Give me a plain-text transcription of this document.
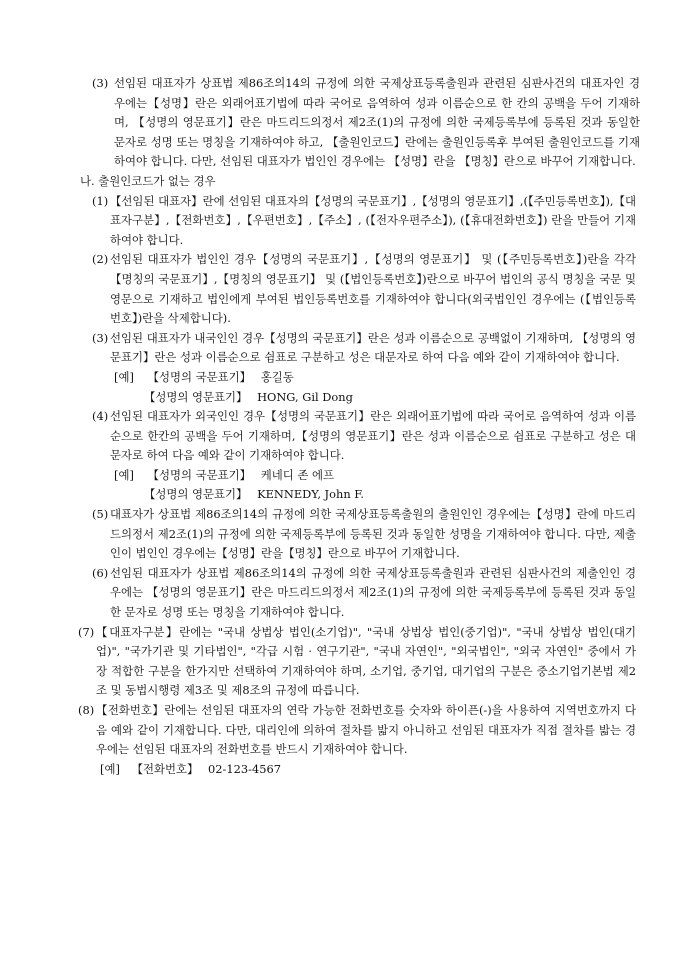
(3) 선임된 대표자가 상표법 제86조의14의 규정에 의한 국제상표등록출원과 관련된 심판사건의 대표자인 경우에는【성명】란은 외래어표기법에 따라 국어로 음역하여 성과 이름순으로 한 칸의 공백을 두어 기재하며, 【성명의 영문표기】란은 마드리드의정서 제2조(1)의 규정에 의한 국제등록부에 등록된 것과 동일한 문자로 성명 또는 명칭을 기재하여야 하고, 【출원인코드】란에는 출원인등록후 부여된 출원인코드를 기재하여야 합니다. 다만, 선임된 대표자가 법인인 경우에는 【성명】란을 【명칭】란으로 바꾸어 기재합니다.
나. 출원인코드가 없는 경우
(1) 【선임된 대표자】란에 선임된 대표자의【성명의 국문표기】,【성명의 영문표기】,(【주민등록번호】),【대표자구분】,【전화번호】,【우편번호】,【주소】, (【전자우편주소】), (【휴대전화번호】) 란을 만들어 기재하여야 합니다.
(2) 선임된 대표자가 법인인 경우【성명의 국문표기】,【성명의 영문표기】 및 (【주민등록번호】)란을 각각【명칭의 국문표기】,【명칭의 영문표기】 및 (【법인등록번호】)란으로 바꾸어 법인의 공식 명칭을 국문 및 영문으로 기재하고 법인에게 부여된 법인등록번호를 기재하여야 합니다(외국법인인 경우에는 (【법인등록번호】)란을 삭제합니다).
(3) 선임된 대표자가 내국인인 경우【성명의 국문표기】란은 성과 이름순으로 공백없이 기재하며, 【성명의 영문표기】란은 성과 이름순으로 쉼표로 구분하고 성은 대문자로 하여 다음 예와 같이 기재하여야 합니다.
[예] 【성명의 국문표기】 홍길동
【성명의 영문표기】 HONG, Gil Dong
(4) 선임된 대표자가 외국인인 경우【성명의 국문표기】란은 외래어표기법에 따라 국어로 음역하여 성과 이름순으로 한칸의 공백을 두어 기재하며,【성명의 영문표기】란은 성과 이름순으로 쉼표로 구분하고 성은 대문자로 하여 다음 예와 같이 기재하여야 합니다.
[예] 【성명의 국문표기】 케네디 존 에프
【성명의 영문표기】 KENNEDY, John F.
(5) 대표자가 상표법 제86조의14의 규정에 의한 국제상표등록출원의 출원인인 경우에는【성명】란에 마드리드의정서 제2조(1)의 규정에 의한 국제등록부에 등록된 것과 동일한 성명을 기재하여야 합니다. 다만, 제출인이 법인인 경우에는【성명】란을【명칭】란으로 바꾸어 기재합니다.
(6) 선임된 대표자가 상표법 제86조의14의 규정에 의한 국제상표등록출원과 관련된 심판사건의 제출인인 경우에는 【성명의 영문표기】란은 마드리드의정서 제2조(1)의 규정에 의한 국제등록부에 등록된 것과 동일한 문자로 성명 또는 명칭을 기재하여야 합니다.
(7) 【대표자구분】란에는 "국내 상법상 법인(소기업)", "국내 상법상 법인(중기업)", "국내 상법상 법인(대기업)", "국가기관 및 기타법인", "각급 시험 · 연구기관", "국내 자연인", "외국법인", "외국 자연인" 중에서 가장 적합한 구분을 한가지만 선택하여 기재하여야 하며, 소기업, 중기업, 대기업의 구분은 중소기업기본법 제2조 및 동법시행령 제3조 및 제8조의 규정에 따릅니다.
(8) 【전화번호】란에는 선임된 대표자의 연락 가능한 전화번호를 숫자와 하이픈(-)을 사용하여 지역번호까지 다음 예와 같이 기재합니다. 다만, 대리인에 의하여 절차를 밟지 아니하고 선임된 대표자가 직접 절차를 밟는 경우에는 선임된 대표자의 전화번호를 반드시 기재하여야 합니다.
[예] 【전화번호】 02-123-4567
